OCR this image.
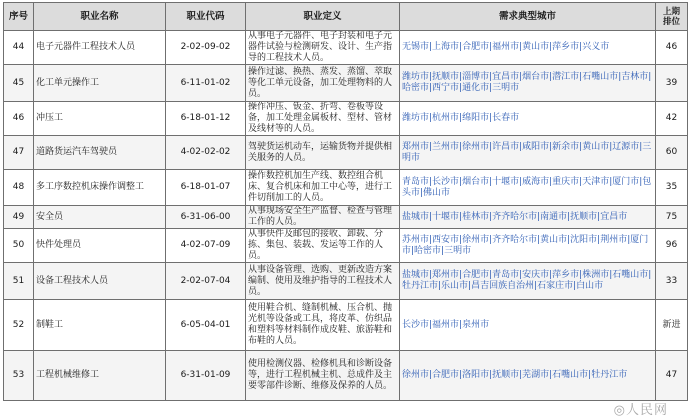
序号	职业名称	职业代码	职业定义	需求典型城市	上期
排位
44	电子元器件工程技术人员	2-02-09-02	从事电子元器件、电子封装和电子元器件试验与检测研发、设计、生产指导的工程技术人员。	无锡市|上海市|合肥市|福州市|黄山市|萍乡市|兴义市	46
45	化工单元操作工	6-11-01-02	操作过滤、换热、蒸发、蒸馏、萃取等化工单元设备，加工处理物料的人员。	潍坊市|抚顺市|淄博市|宜昌市|烟台市|潜江市|石嘴山市|吉林市|哈密市|西宁市|通化市|三明市	39
46	冲压工	6-18-01-12	操作冲压、钣金、折弯、卷板等设备，加工处理金属板材、型材、管材及线材等的人员。	潍坊市|杭州市|绵阳市|长春市	42
47	道路货运汽车驾驶员	4-02-02-02	驾驶货运机动车，运输货物并提供相关服务的人员。	郑州市|兰州市|徐州市|许昌市|咸阳市|新余市|黄山市|辽源市|三明市	60
48	多工序数控机床操作调整工	6-18-01-07	操作数控机加生产线、数控组合机床、复合机床和加工中心等，进行工件切削加工的人员。	青岛市|长沙市|烟台市|十堰市|威海市|重庆市|天津市|厦门市|包头市|佛山市	35
49	安全员	6-31-06-00	从事现场安全生产监督、检查与管理工作的人员。	盐城市|十堰市|桂林市|齐齐哈尔市|南通市|抚顺市|宜昌市	75
50	快件处理员	4-02-07-09	从事快件及邮包的接收、卸载、分拣、集包、装载、发运等工作的人员。	苏州市|西安市|徐州市|齐齐哈尔市|黄山市|沈阳市|荆州市|厦门市|哈密市|三明市	96
51	设备工程技术人员	2-02-07-04	从事设备管理、选购、更新改造方案编制、使用及维护指导的工程技术人员。	盐城市|郑州市|合肥市|青岛市|安庆市|萍乡市|株洲市|石嘴山市|牡丹江市|乐山市|昌吉回族自治州|石家庄市|白山市	33
52	制鞋工	6-05-04-01	使用鞋合机、缝制机械、压合机、抛光机等设备或工具，将皮革、仿织品和塑料等材料制作成皮鞋、旅游鞋和布鞋的人员。	长沙市|福州市|泉州市	新进
53	工程机械维修工	6-31-01-09	使用检测仪器、检修机具和诊断设备等，进行工程机械主机、总成件及主要零部件诊断、维修及保养的人员。	徐州市|合肥市|洛阳市|抚顺市|芜湖市|石嘴山市|牡丹江市	47
◎人民网
